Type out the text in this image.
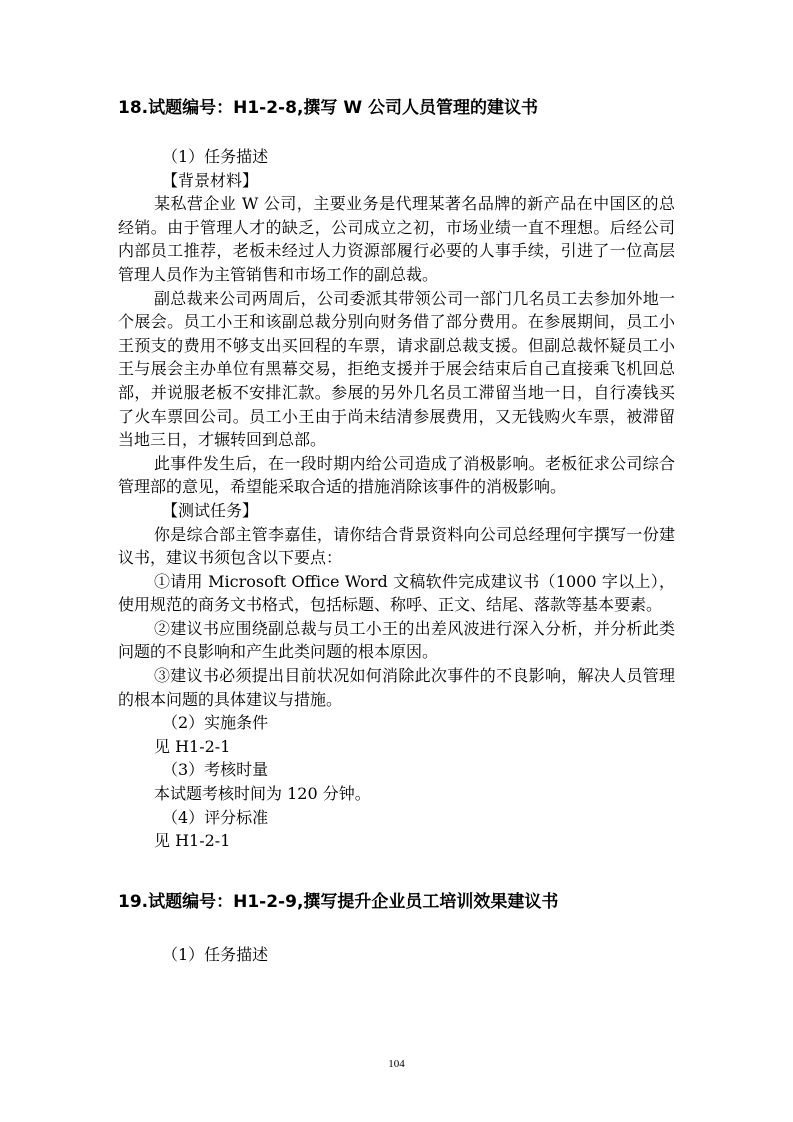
18.试题编号：H1-2-8,撰写 W 公司人员管理的建议书
（1）任务描述
【背景材料】
某私营企业 W 公司，主要业务是代理某著名品牌的新产品在中国区的总经销。由于管理人才的缺乏，公司成立之初，市场业绩一直不理想。后经公司内部员工推荐，老板未经过人力资源部履行必要的人事手续，引进了一位高层管理人员作为主管销售和市场工作的副总裁。
副总裁来公司两周后，公司委派其带领公司一部门几名员工去参加外地一个展会。员工小王和该副总裁分别向财务借了部分费用。在参展期间，员工小王预支的费用不够支出买回程的车票，请求副总裁支援。但副总裁怀疑员工小王与展会主办单位有黑幕交易，拒绝支援并于展会结束后自己直接乘飞机回总部，并说服老板不安排汇款。参展的另外几名员工滞留当地一日，自行凑钱买了火车票回公司。员工小王由于尚未结清参展费用，又无钱购火车票，被滞留当地三日，才辗转回到总部。
此事件发生后，在一段时期内给公司造成了消极影响。老板征求公司综合管理部的意见，希望能采取合适的措施消除该事件的消极影响。
【测试任务】
你是综合部主管李嘉佳，请你结合背景资料向公司总经理何宇撰写一份建议书，建议书须包含以下要点：
①请用 Microsoft Office Word 文稿软件完成建议书（1000 字以上），使用规范的商务文书格式，包括标题、称呼、正文、结尾、落款等基本要素。
②建议书应围绕副总裁与员工小王的出差风波进行深入分析，并分析此类问题的不良影响和产生此类问题的根本原因。
③建议书必须提出目前状况如何消除此次事件的不良影响，解决人员管理的根本问题的具体建议与措施。
（2）实施条件
见 H1-2-1
（3）考核时量
本试题考核时间为 120 分钟。
（4）评分标准
见 H1-2-1
19.试题编号：H1-2-9,撰写提升企业员工培训效果建议书
（1）任务描述
104
